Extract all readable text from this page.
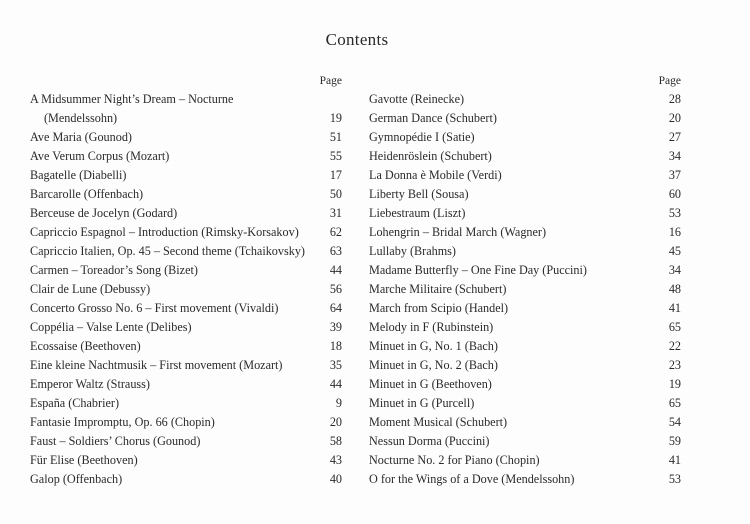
Contents
Page
A Midsummer Night’s Dream – Nocturne
(Mendelssohn)	19
Ave Maria (Gounod)	51
Ave Verum Corpus (Mozart)	55
Bagatelle (Diabelli)	17
Barcarolle (Offenbach)	50
Berceuse de Jocelyn (Godard)	31
Capriccio Espagnol – Introduction (Rimsky-Korsakov)	62
Capriccio Italien, Op. 45 – Second theme (Tchaikovsky)	63
Carmen – Toreador’s Song (Bizet)	44
Clair de Lune (Debussy)	56
Concerto Grosso No. 6 – First movement (Vivaldi)	64
Coppélia – Valse Lente (Delibes)	39
Ecossaise (Beethoven)	18
Eine kleine Nachtmusik – First movement (Mozart)	35
Emperor Waltz (Strauss)	44
España (Chabrier)	9
Fantasie Impromptu, Op. 66 (Chopin)	20
Faust – Soldiers’ Chorus (Gounod)	58
Für Elise (Beethoven)	43
Galop (Offenbach)	40
Page
Gavotte (Reinecke)	28
German Dance (Schubert)	20
Gymnopédie I (Satie)	27
Heidenröslein (Schubert)	34
La Donna è Mobile (Verdi)	37
Liberty Bell (Sousa)	60
Liebestraum (Liszt)	53
Lohengrin – Bridal March (Wagner)	16
Lullaby (Brahms)	45
Madame Butterfly – One Fine Day (Puccini)	34
Marche Militaire (Schubert)	48
March from Scipio (Handel)	41
Melody in F (Rubinstein)	65
Minuet in G, No. 1 (Bach)	22
Minuet in G, No. 2 (Bach)	23
Minuet in G (Beethoven)	19
Minuet in G (Purcell)	65
Moment Musical (Schubert)	54
Nessun Dorma (Puccini)	59
Nocturne No. 2 for Piano (Chopin)	41
O for the Wings of a Dove (Mendelssohn)	53
